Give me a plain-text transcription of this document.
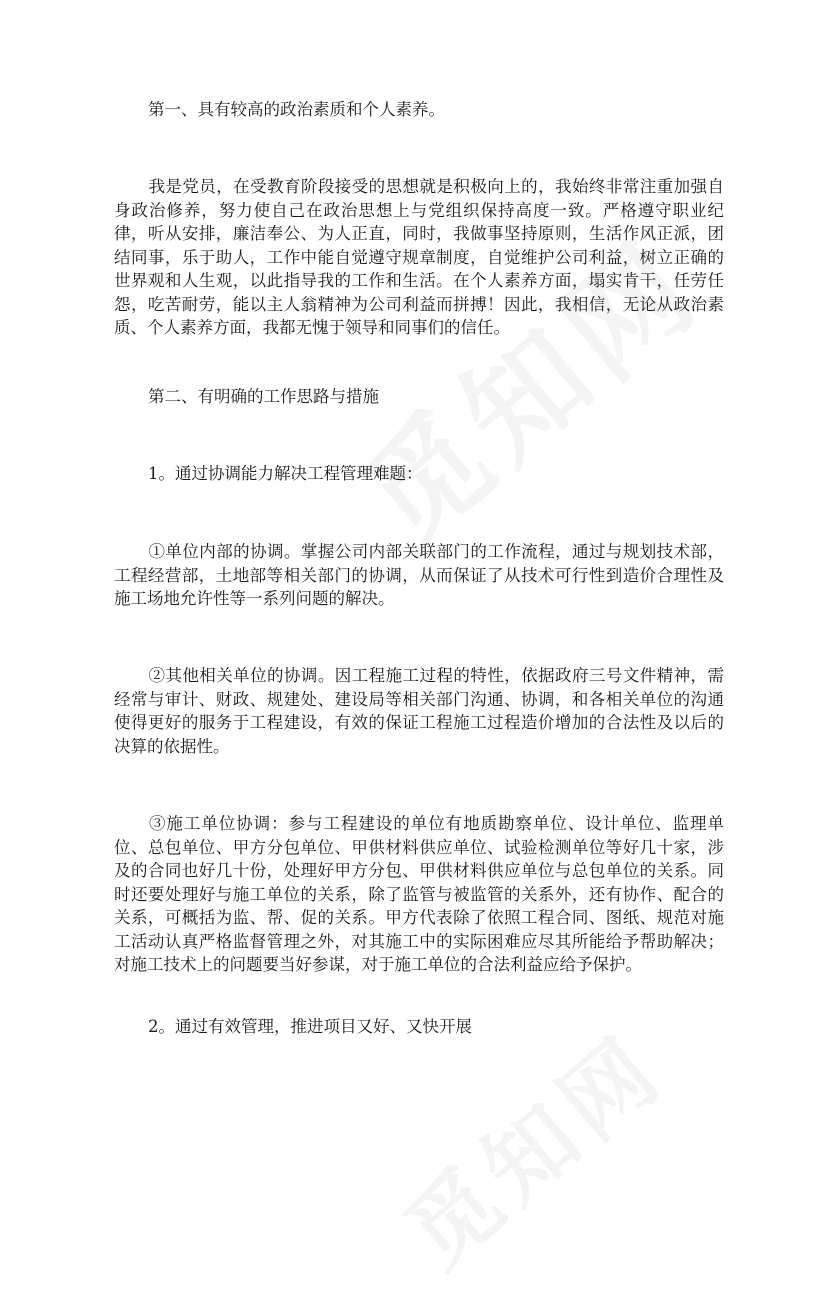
第一、具有较高的政治素质和个人素养。

我是党员，在受教育阶段接受的思想就是积极向上的，我始终非常注重加强自身政治修养，努力使自己在政治思想上与党组织保持高度一致。严格遵守职业纪律，听从安排，廉洁奉公、为人正直，同时，我做事坚持原则，生活作风正派，团结同事，乐于助人，工作中能自觉遵守规章制度，自觉维护公司利益，树立正确的世界观和人生观，以此指导我的工作和生活。在个人素养方面，塌实肯干，任劳任怨，吃苦耐劳，能以主人翁精神为公司利益而拼搏！因此，我相信，无论从政治素质、个人素养方面，我都无愧于领导和同事们的信任。

第二、有明确的工作思路与措施

1。通过协调能力解决工程管理难题：

①单位内部的协调。掌握公司内部关联部门的工作流程，通过与规划技术部，工程经营部，土地部等相关部门的协调，从而保证了从技术可行性到造价合理性及施工场地允许性等一系列问题的解决。

②其他相关单位的协调。因工程施工过程的特性，依据政府三号文件精神，需经常与审计、财政、规建处、建设局等相关部门沟通、协调，和各相关单位的沟通使得更好的服务于工程建设，有效的保证工程施工过程造价增加的合法性及以后的决算的依据性。

③施工单位协调：参与工程建设的单位有地质勘察单位、设计单位、监理单位、总包单位、甲方分包单位、甲供材料供应单位、试验检测单位等好几十家，涉及的合同也好几十份，处理好甲方分包、甲供材料供应单位与总包单位的关系。同时还要处理好与施工单位的关系，除了监管与被监管的关系外，还有协作、配合的关系，可概括为监、帮、促的关系。甲方代表除了依照工程合同、图纸、规范对施工活动认真严格监督管理之外，对其施工中的实际困难应尽其所能给予帮助解决；对施工技术上的问题要当好参谋，对于施工单位的合法利益应给予保护。

2。通过有效管理，推进项目又好、又快开展
